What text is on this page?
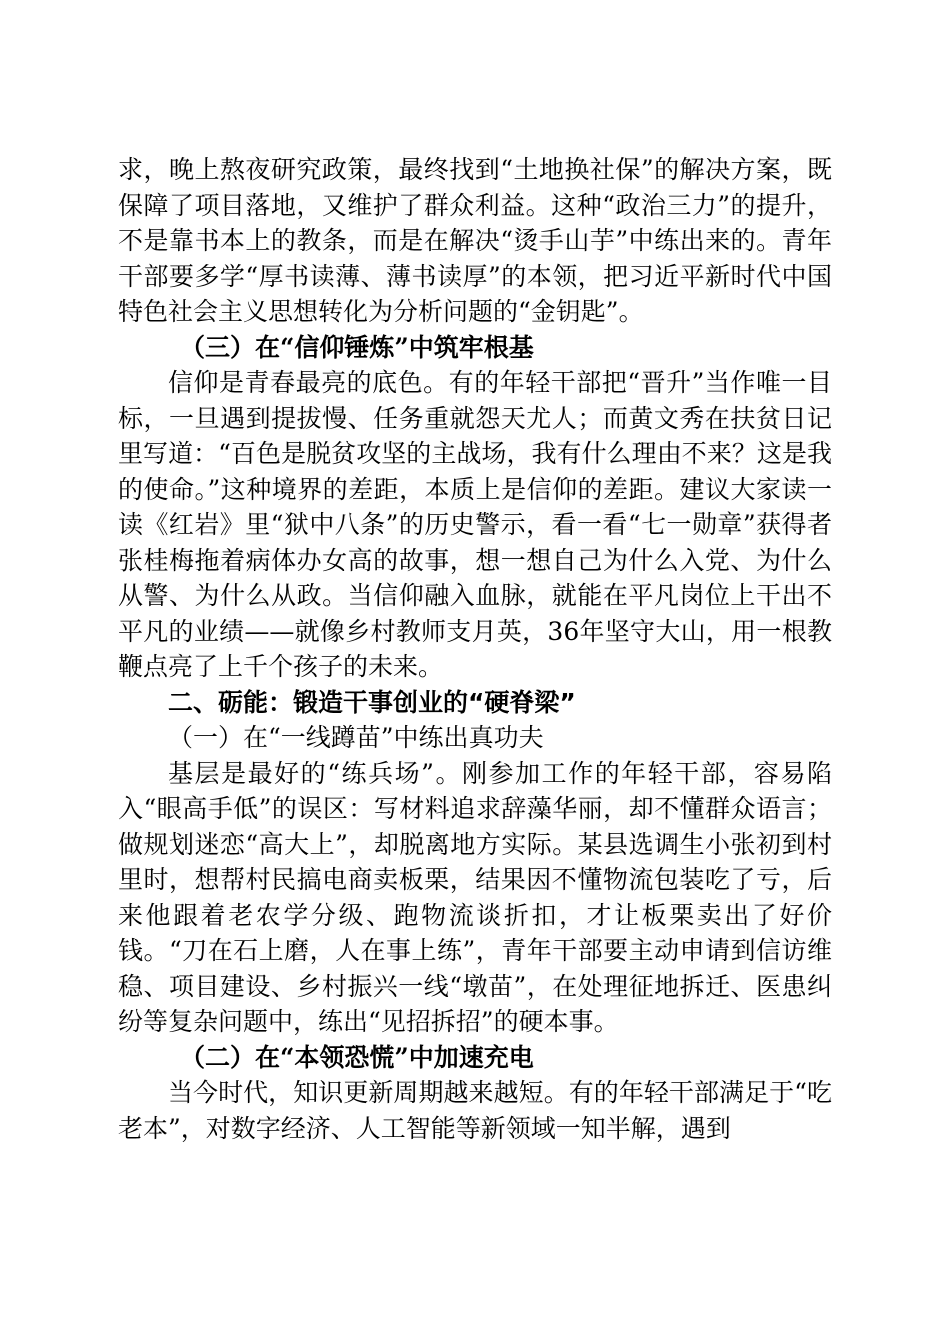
求，晚上熬夜研究政策，最终找到“土地换社保”的解决方案，既保障了项目落地，又维护了群众利益。这种“政治三力”的提升，不是靠书本上的教条，而是在解决“烫手山芋”中练出来的。青年干部要多学“厚书读薄、薄书读厚”的本领，把习近平新时代中国特色社会主义思想转化为分析问题的“金钥匙”。

（三）在“信仰锤炼”中筑牢根基

信仰是青春最亮的底色。有的年轻干部把“晋升”当作唯一目标，一旦遇到提拔慢、任务重就怨天尤人；而黄文秀在扶贫日记里写道：“百色是脱贫攻坚的主战场，我有什么理由不来？这是我的使命。”这种境界的差距，本质上是信仰的差距。建议大家读一读《红岩》里“狱中八条”的历史警示，看一看“七一勋章”获得者张桂梅拖着病体办女高的故事，想一想自己为什么入党、为什么从警、为什么从政。当信仰融入血脉，就能在平凡岗位上干出不平凡的业绩——就像乡村教师支月英，36年坚守大山，用一根教鞭点亮了上千个孩子的未来。

二、砺能：锻造干事创业的“硬脊梁”

（一）在“一线蹲苗”中练出真功夫

基层是最好的“练兵场”。刚参加工作的年轻干部，容易陷入“眼高手低”的误区：写材料追求辞藻华丽，却不懂群众语言；做规划迷恋“高大上”，却脱离地方实际。某县选调生小张初到村里时，想帮村民搞电商卖板栗，结果因不懂物流包装吃了亏，后来他跟着老农学分级、跑物流谈折扣，才让板栗卖出了好价钱。“刀在石上磨，人在事上练”，青年干部要主动申请到信访维稳、项目建设、乡村振兴一线“墩苗”，在处理征地拆迁、医患纠纷等复杂问题中，练出“见招拆招”的硬本事。

（二）在“本领恐慌”中加速充电

当今时代，知识更新周期越来越短。有的年轻干部满足于“吃老本”，对数字经济、人工智能等新领域一知半解，遇到
